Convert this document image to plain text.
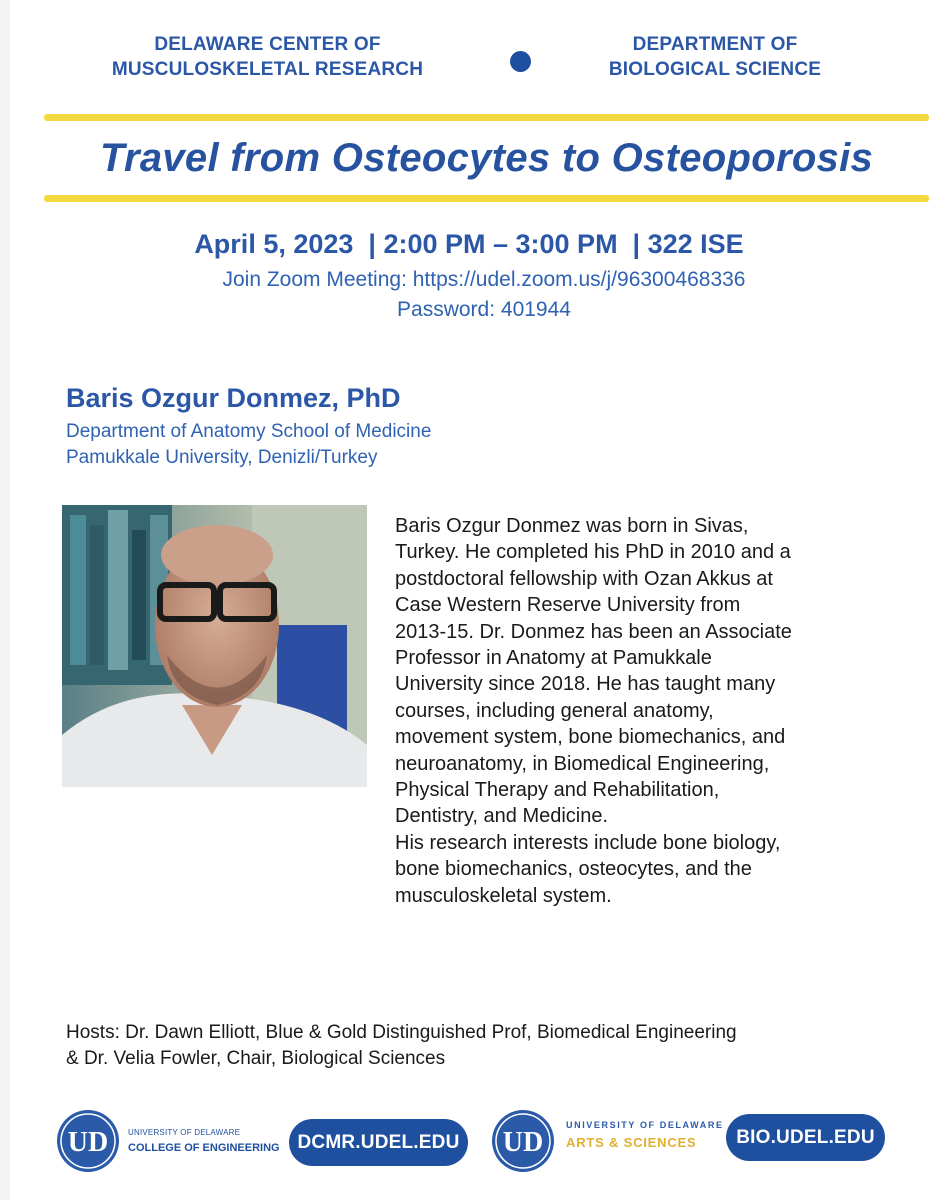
DELAWARE CENTER OF
MUSCULOSKELETAL RESEARCH
DEPARTMENT OF
BIOLOGICAL SCIENCE
Travel from Osteocytes to Osteoporosis
April 5, 2023  | 2:00 PM – 3:00 PM  | 322 ISE
Join Zoom Meeting: https://udel.zoom.us/j/96300468336
Password: 401944
Baris Ozgur Donmez, PhD
Department of Anatomy School of Medicine
Pamukkale University, Denizli/Turkey

Baris Ozgur Donmez was born in Sivas,

Turkey. He completed his PhD in 2010 and a

postdoctoral fellowship with Ozan Akkus at

Case Western Reserve University from

2013-15. Dr. Donmez has been an Associate

Professor in Anatomy at Pamukkale

University since 2018. He has taught many

courses, including general anatomy,

movement system, bone biomechanics, and

neuroanatomy, in Biomedical Engineering,

Physical Therapy and Rehabilitation,

Dentistry, and Medicine.

His research interests include bone biology,

bone biomechanics, osteocytes, and the

musculoskeletal system.

Hosts: Dr. Dawn Elliott, Blue & Gold Distinguished Prof, Biomedical Engineering
& Dr. Velia Fowler, Chair, Biological Sciences
UD UNIVERSITY OF DELAWARE
COLLEGE OF ENGINEERING DCMR.UDEL.EDU	UD
UNIVERSITY OF DELAWARE
ARTS & SCIENCES	BIO.UDEL.EDU
